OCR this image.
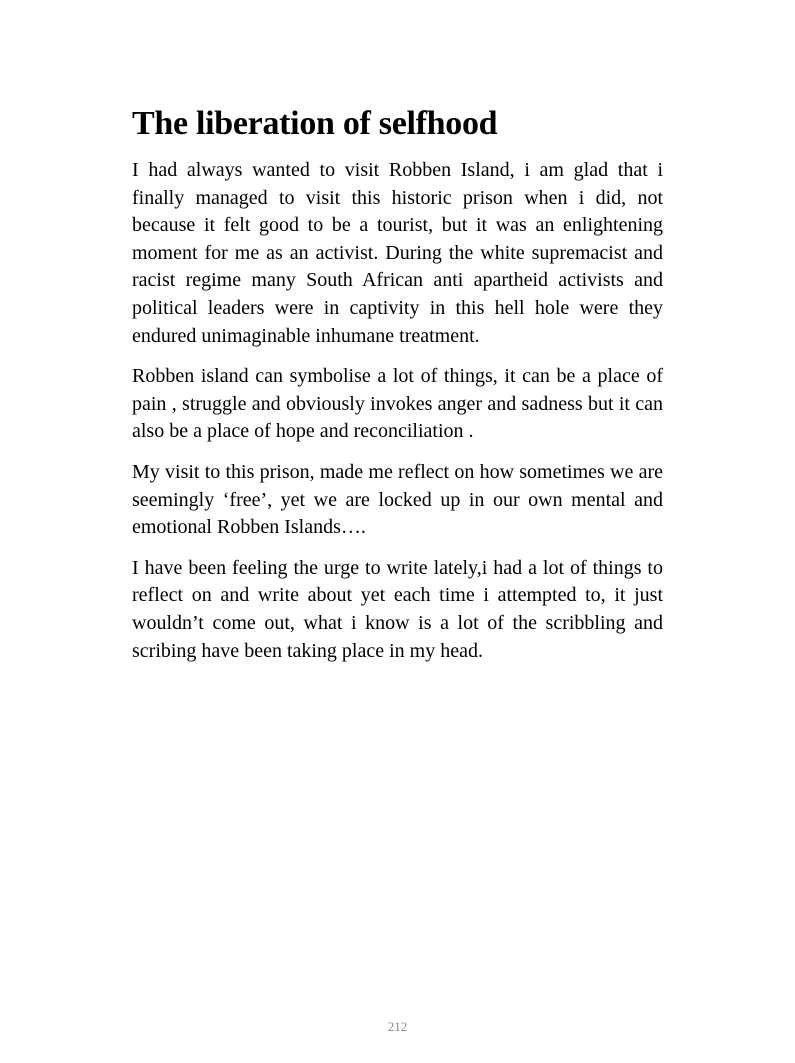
The liberation of selfhood

I had always wanted to visit Robben Island, i am glad that i finally managed to visit this historic prison when i did, not because it felt good to be a tourist, but it was an enlightening moment for me as an activist. During the white supremacist and racist regime many South African anti apartheid activists and political leaders were in captivity in this hell hole were they endured unimaginable inhumane treatment.

Robben island can symbolise a lot of things, it can be a place of pain , struggle and obviously invokes anger and sadness but it can also be a place of hope and reconciliation .

My visit to this prison, made me reflect on how sometimes we are seemingly ‘free’, yet we are locked up in our own mental and emotional Robben Islands….

I have been feeling the urge to write lately,i had a lot of things to reflect on and write about yet each time i attempted to, it just wouldn’t come out, what i know is a lot of the scribbling and scribing have been taking place in my head.

212
